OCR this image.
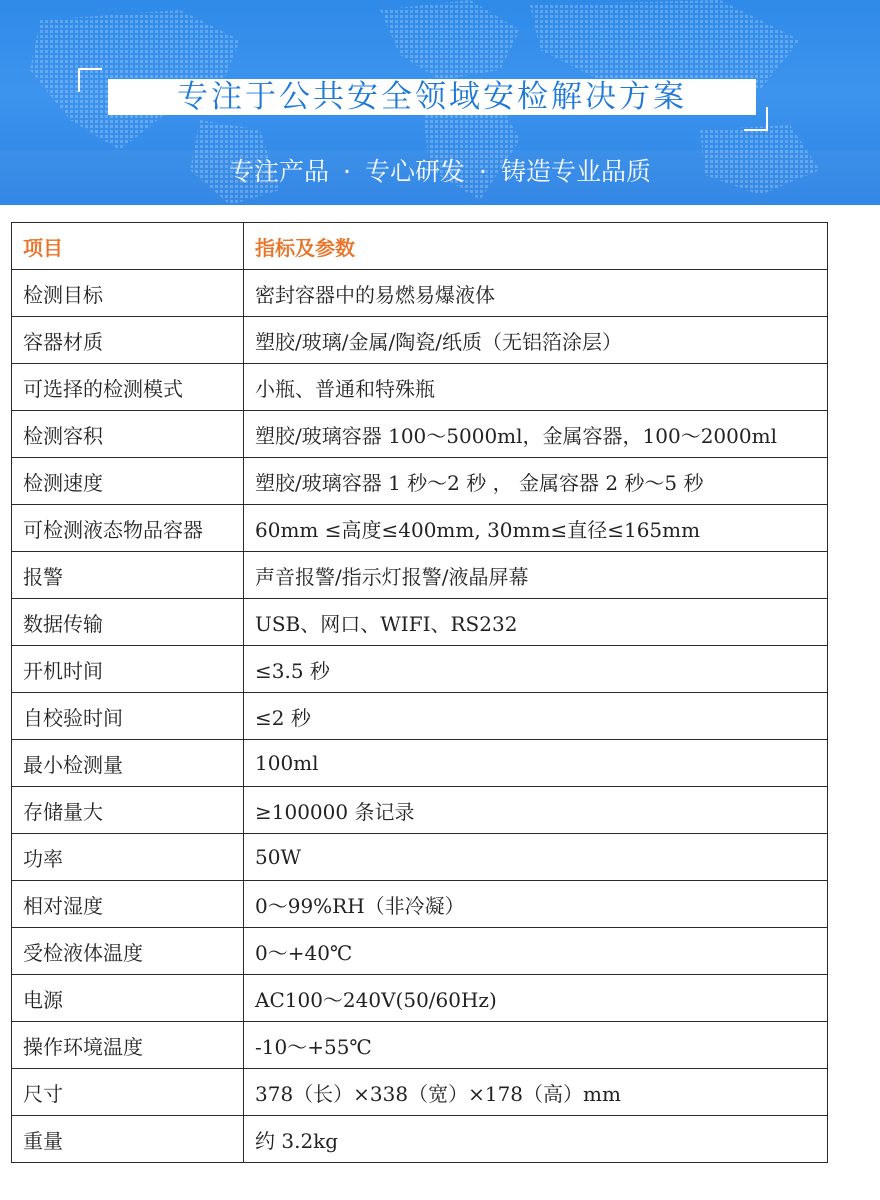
专注于公共安全领域安检解决方案
专注产品 · 专心研发 · 铸造专业品质
项目	指标及参数
检测目标	密封容器中的易燃易爆液体
容器材质	塑胶/玻璃/金属/陶瓷/纸质（无铝箔涂层）
可选择的检测模式	小瓶、普通和特殊瓶
检测容积	塑胶/玻璃容器 100～5000ml，金属容器，100～2000ml
检测速度	塑胶/玻璃容器 1 秒～2 秒 ， 金属容器 2 秒～5 秒
可检测液态物品容器	60mm ≤高度≤400mm, 30mm≤直径≤165mm
报警	声音报警/指示灯报警/液晶屏幕
数据传输	USB、网口、WIFI、RS232
开机时间	≤3.5 秒
自校验时间	≤2 秒
最小检测量	100ml
存储量大	≥100000 条记录
功率	50W
相对湿度	0～99%RH（非冷凝）
受检液体温度	0～+40℃
电源	AC100～240V(50/60Hz)
操作环境温度	-10～+55℃
尺寸	378（长）×338（宽）×178（高）mm
重量	约 3.2kg
